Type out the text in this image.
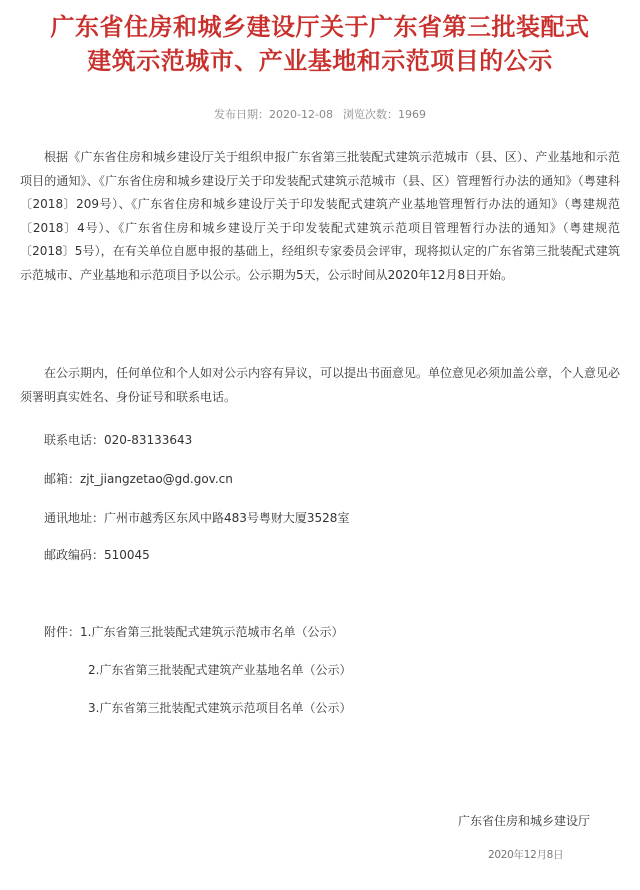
广东省住房和城乡建设厅关于广东省第三批装配式
建筑示范城市、产业基地和示范项目的公示
发布日期：2020-12-08 浏览次数：1969

根据《广东省住房和城乡建设厅关于组织申报广东省第三批装配式建筑示范城市（县、区）、产业基地和示范项目的通知》、《广东省住房和城乡建设厅关于印发装配式建筑示范城市（县、区）管理暂行办法的通知》（粤建科〔2018〕209号）、《广东省住房和城乡建设厅关于印发装配式建筑产业基地管理暂行办法的通知》（粤建规范〔2018〕4号）、《广东省住房和城乡建设厅关于印发装配式建筑示范项目管理暂行办法的通知》（粤建规范〔2018〕5号），在有关单位自愿申报的基础上，经组织专家委员会评审，现将拟认定的广东省第三批装配式建筑示范城市、产业基地和示范项目予以公示。公示期为5天，公示时间从2020年12月8日开始。

在公示期内，任何单位和个人如对公示内容有异议，可以提出书面意见。单位意见必须加盖公章，个人意见必须署明真实姓名、身份证号和联系电话。

联系电话：020-83133643
邮箱：zjt_jiangzetao@gd.gov.cn
通讯地址：广州市越秀区东风中路483号粤财大厦3528室
邮政编码：510045
附件：1.广东省第三批装配式建筑示范城市名单（公示）
2.广东省第三批装配式建筑产业基地名单（公示）
3.广东省第三批装配式建筑示范项目名单（公示）
广东省住房和城乡建设厅
2020年12月8日
